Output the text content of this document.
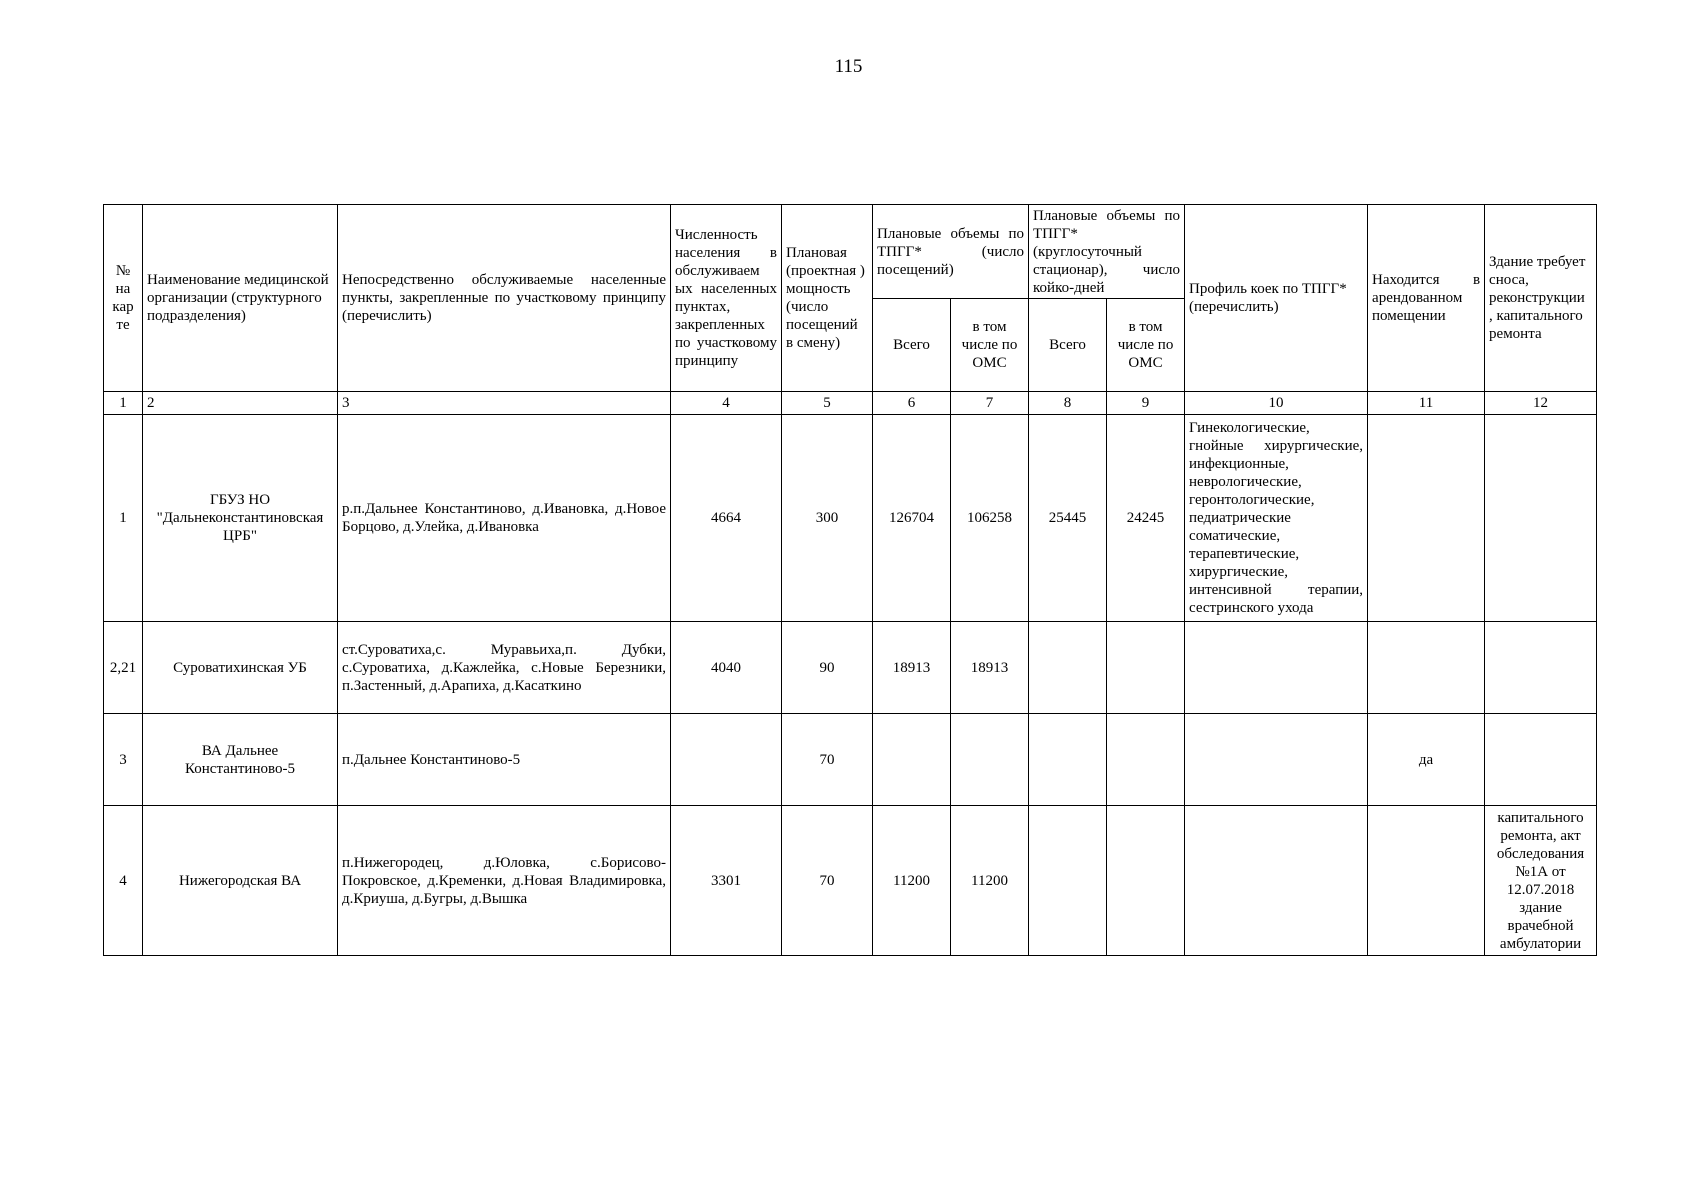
115
№ на кар те	Наименование медицинской организации (структурного подразделения)	Непосредственно обслуживаемые населенные пункты, закрепленные по участковому принципу (перечислить)	Численность населения в обслуживаем ых населенных пунктах, закрепленных по участковому принципу	Плановая (проектная ) мощность (число посещений в смену)	Плановые объемы по ТПГГ* (число посещений)		Плановые объемы по ТПГГ* (круглосуточный стационар), число койко-дней		Профиль коек по ТПГГ* (перечислить)	Находится в арендованном помещении	Здание требует сноса, реконструкции , капитального ремонта
					Всего	в том числе по ОМС	Всего	в том числе по ОМС			
1	2	3	4	5	6	7	8	9	10	11	12
1	ГБУЗ НО "Дальнеконстантиновская ЦРБ"	р.п.Дальнее Константиново, д.Ивановка, д.Новое Борцово, д.Улейка, д.Ивановка	4664	300	126704	106258	25445	24245	Гинекологические, гнойные хирургические, инфекционные, неврологические, геронтологические, педиатрические соматические, терапевтические, хирургические, интенсивной терапии, сестринского ухода		
2,21	Суроватихинская УБ	ст.Суроватиха,с. Муравьиха,п. Дубки, с.Суроватиха, д.Кажлейка, с.Новые Березники, п.Застенный, д.Арапиха, д.Касаткино	4040	90	18913	18913					
3	ВА Дальнее Константиново-5	п.Дальнее Константиново-5		70						да	
4	Нижегородская ВА	п.Нижегородец, д.Юловка, с.Борисово-Покровское, д.Кременки, д.Новая Владимировка, д.Криуша, д.Бугры, д.Вышка	3301	70	11200	11200					капитального ремонта, акт обследования №1А от 12.07.2018 здание врачебной амбулатории
